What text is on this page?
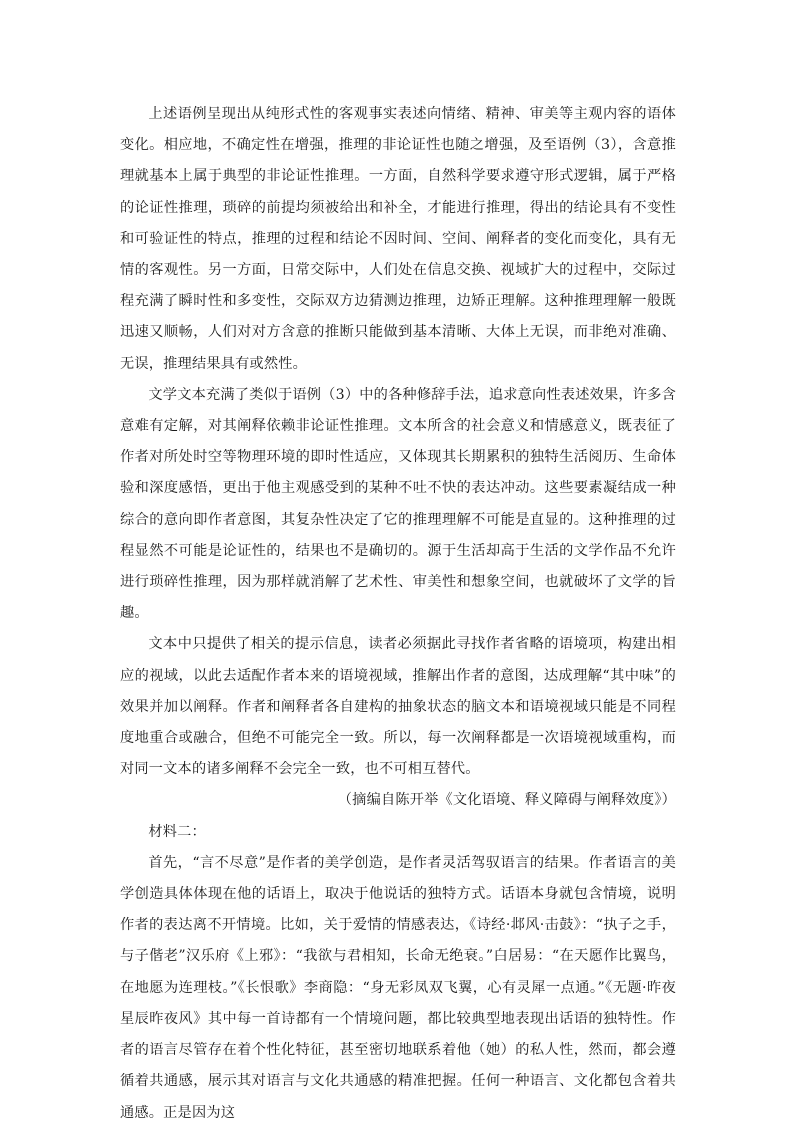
上述语例呈现出从纯形式性的客观事实表述向情绪、精神、审美等主观内容的语体变化。相应地，不确定性在增强，推理的非论证性也随之增强，及至语例（3），含意推理就基本上属于典型的非论证性推理。一方面，自然科学要求遵守形式逻辑，属于严格的论证性推理，琐碎的前提均须被给出和补全，才能进行推理，得出的结论具有不变性和可验证性的特点，推理的过程和结论不因时间、空间、阐释者的变化而变化，具有无情的客观性。另一方面，日常交际中，人们处在信息交换、视域扩大的过程中，交际过程充满了瞬时性和多变性，交际双方边猜测边推理，边矫正理解。这种推理理解一般既迅速又顺畅，人们对对方含意的推断只能做到基本清晰、大体上无误，而非绝对准确、无误，推理结果具有或然性。

文学文本充满了类似于语例（3）中的各种修辞手法，追求意向性表述效果，许多含意难有定解，对其阐释依赖非论证性推理。文本所含的社会意义和情感意义，既表征了作者对所处时空等物理环境的即时性适应，又体现其长期累积的独特生活阅历、生命体验和深度感悟，更出于他主观感受到的某种不吐不快的表达冲动。这些要素凝结成一种综合的意向即作者意图，其复杂性决定了它的推理理解不可能是直显的。这种推理的过程显然不可能是论证性的，结果也不是确切的。源于生活却高于生活的文学作品不允许进行琐碎性推理，因为那样就消解了艺术性、审美性和想象空间，也就破坏了文学的旨趣。

文本中只提供了相关的提示信息，读者必须据此寻找作者省略的语境项，构建出相应的视域，以此去适配作者本来的语境视域，推解出作者的意图，达成理解“其中味”的效果并加以阐释。作者和阐释者各自建构的抽象状态的脑文本和语境视域只能是不同程度地重合或融合，但绝不可能完全一致。所以，每一次阐释都是一次语境视域重构，而对同一文本的诸多阐释不会完全一致，也不可相互替代。

（摘编自陈开举《文化语境、释义障碍与阐释效度》）

材料二：

首先，“言不尽意”是作者的美学创造，是作者灵活驾驭语言的结果。作者语言的美学创造具体体现在他的话语上，取决于他说话的独特方式。话语本身就包含情境，说明作者的表达离不开情境。比如，关于爱情的情感表达，《诗经·邶风·击鼓》：“执子之手，与子偕老”汉乐府《上邪》：“我欲与君相知，长命无绝衰。”白居易：“在天愿作比翼鸟，在地愿为连理枝。”《长恨歌》李商隐：“身无彩凤双飞翼，心有灵犀一点通。”《无题·昨夜星辰昨夜风》其中每一首诗都有一个情境问题，都比较典型地表现出话语的独特性。作者的语言尽管存在着个性化特征，甚至密切地联系着他（她）的私人性，然而，都会遵循着共通感，展示其对语言与文化共通感的精准把握。任何一种语言、文化都包含着共通感。正是因为这
